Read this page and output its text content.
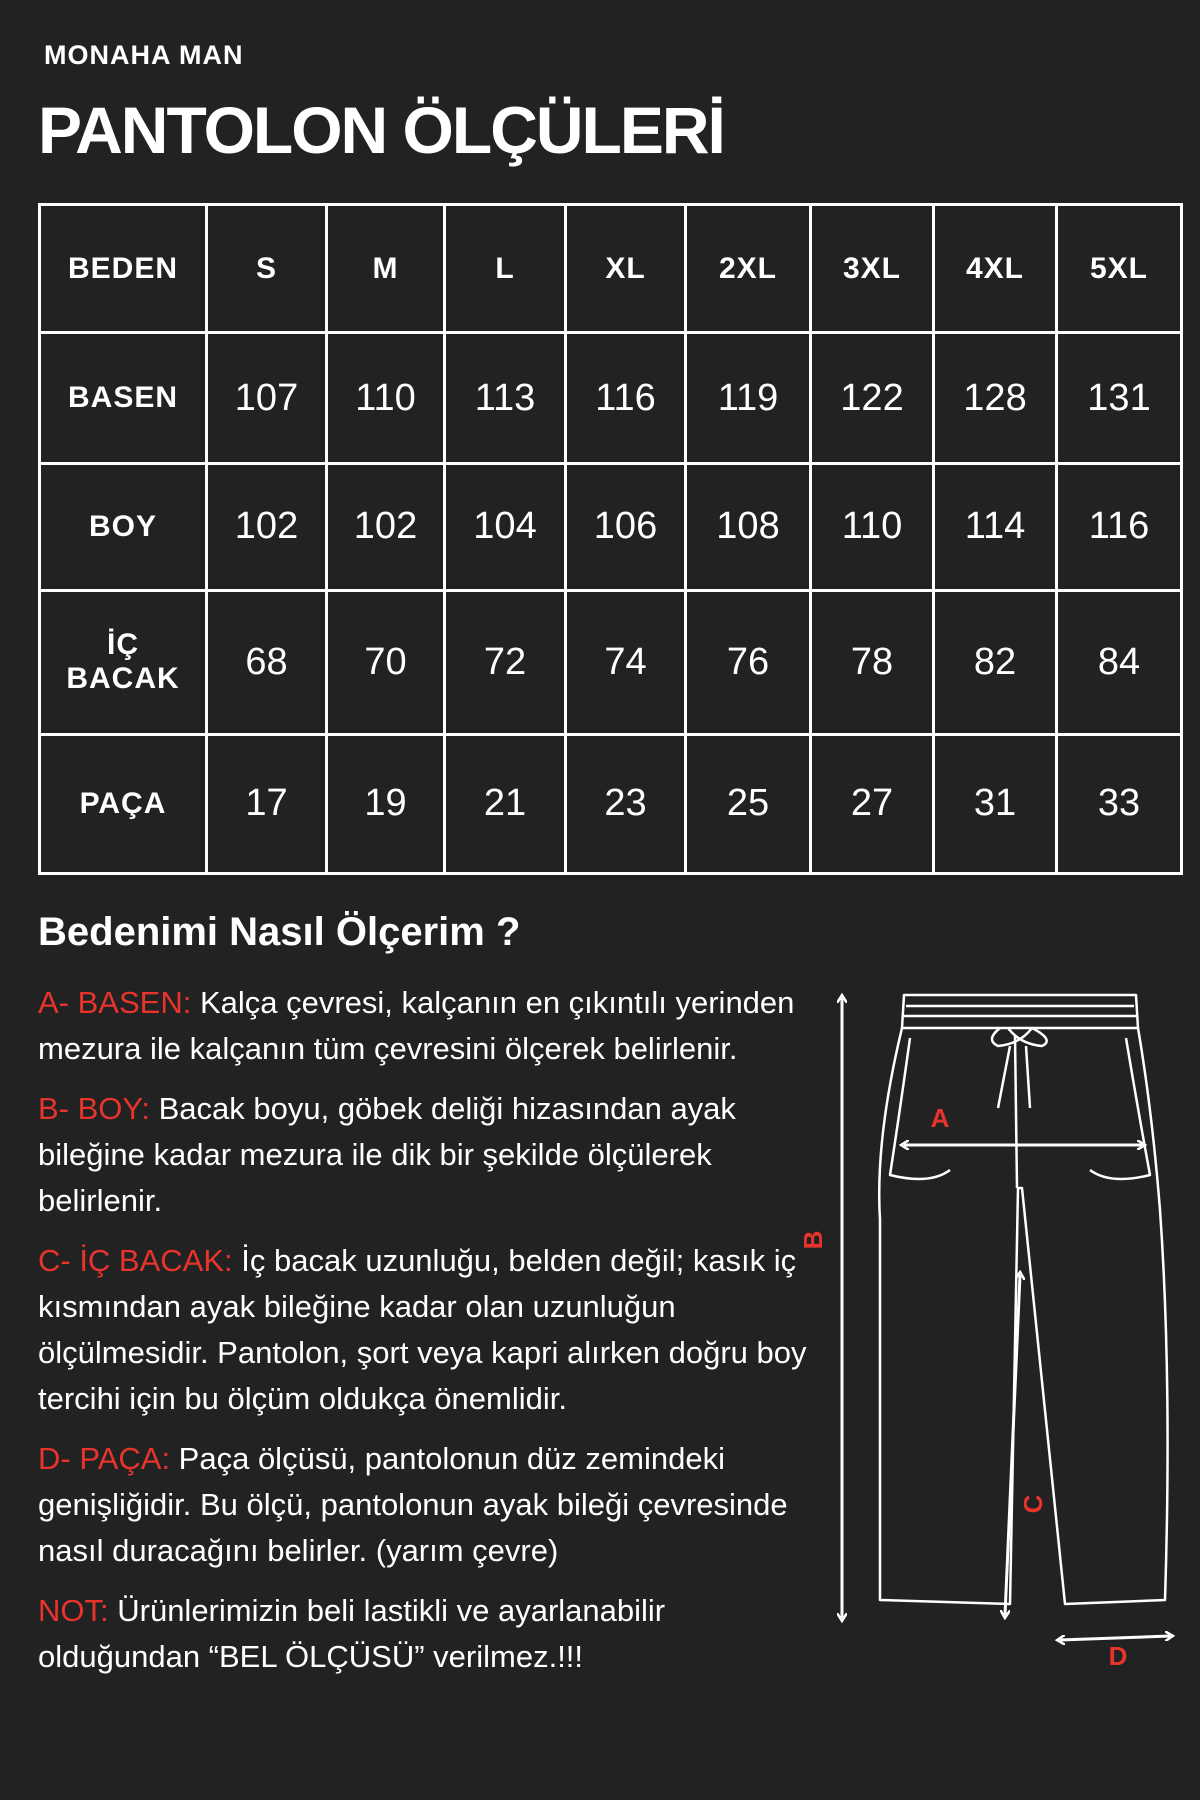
MONAHA MAN
PANTOLON ÖLÇÜLERİ
BEDEN	S	M	L	XL	2XL	3XL	4XL	5XL
BASEN	107	110	113	116	119	122	128	131
BOY	102	102	104	106	108	110	114	116

İÇ
BACAK	68	70	72	74	76	78	82	84
PAÇA	17	19	21	23	25	27	31	33
Bedenimi Nasıl Ölçerim ?
A- BASEN: Kalça çevresi, kalçanın en çıkıntılı yerinden mezura ile kalçanın tüm çevresini ölçerek belirlenir.
B- BOY: Bacak boyu, göbek deliği hizasından ayak bileğine kadar mezura ile dik bir şekilde ölçülerek belirlenir.
C- İÇ BACAK: İç bacak uzunluğu, belden değil; kasık iç kısmından ayak bileğine kadar olan uzunluğun ölçülmesidir. Pantolon, şort veya kapri alırken doğru boy tercihi için bu ölçüm oldukça önemlidir.
D- PAÇA: Paça ölçüsü, pantolonun düz zemindeki genişliğidir. Bu ölçü, pantolonun ayak bileği çevresinde nasıl duracağını belirler. (yarım çevre)
NOT: Ürünlerimizin beli lastikli ve ayarlanabilir olduğundan “BEL ÖLÇÜSÜ” verilmez.!!!
A
B
C
D
